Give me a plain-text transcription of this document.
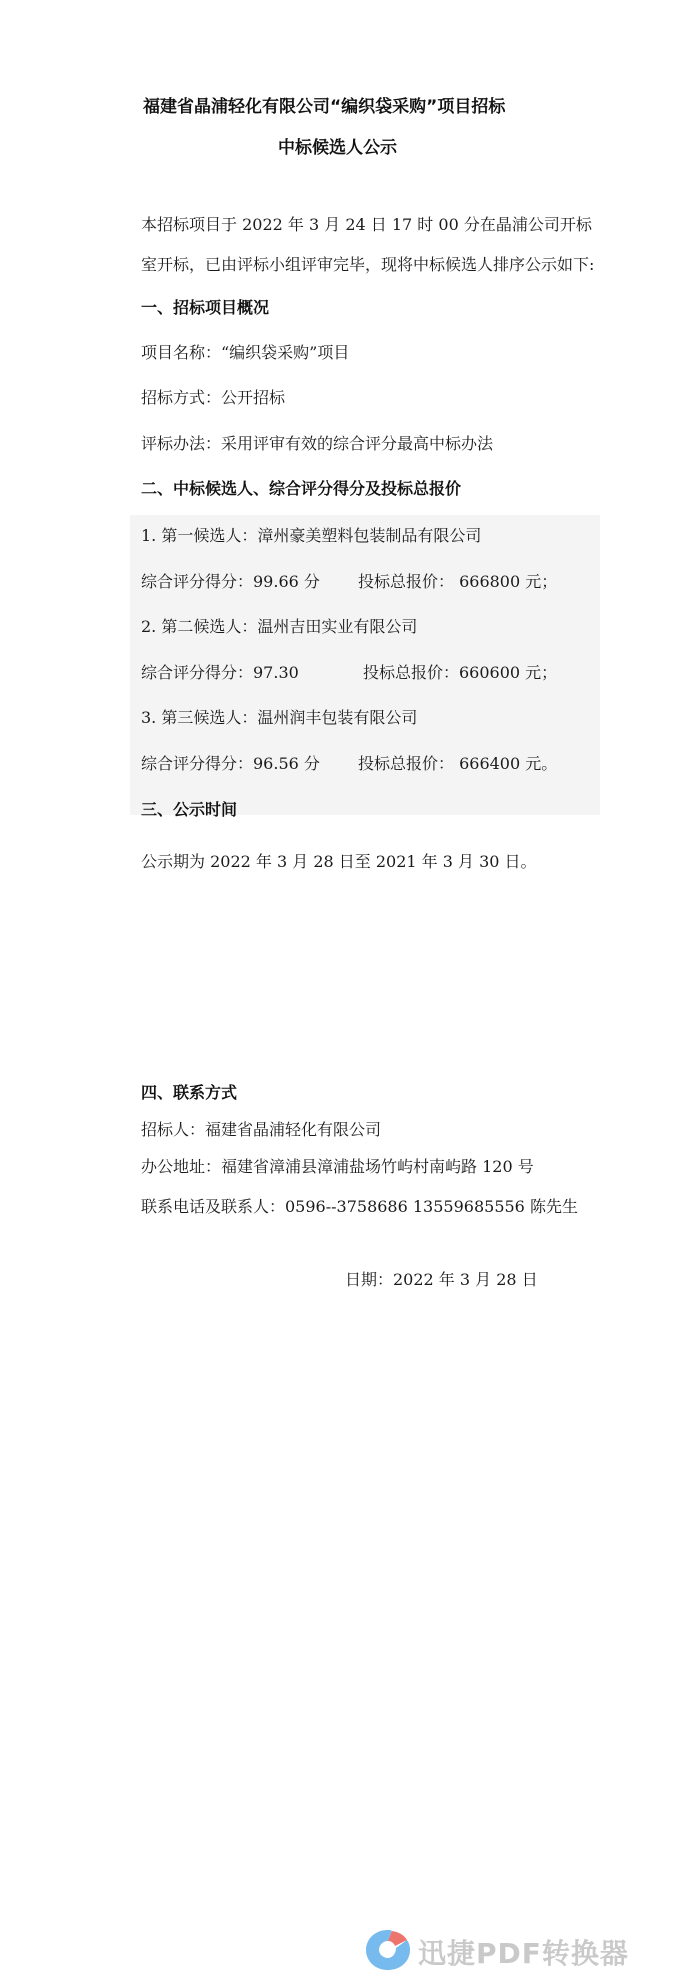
福建省晶浦轻化有限公司“编织袋采购”项目招标
中标候选人公示
本招标项目于 2022 年 3 月 24 日 17 时 00 分在晶浦公司开标
室开标，已由评标小组评审完毕，现将中标候选人排序公示如下:
一、招标项目概况
项目名称：“编织袋采购”项目
招标方式：公开招标
评标办法：采用评审有效的综合评分最高中标办法
二、中标候选人、综合评分得分及投标总报价
1. 第一候选人：漳州豪美塑料包装制品有限公司
综合评分得分：99.66 分 投标总报价： 666800 元；
2. 第二候选人：温州吉田实业有限公司
综合评分得分：97.30	投标总报价：660600 元；
3. 第三候选人：温州润丰包装有限公司
综合评分得分：96.56 分 投标总报价： 666400 元。
三、公示时间
公示期为 2022 年 3 月 28 日至 2021 年 3 月 30 日。
四、联系方式
招标人：福建省晶浦轻化有限公司
办公地址：福建省漳浦县漳浦盐场竹屿村南屿路 120 号
联系电话及联系人：0596--3758686 13559685556 陈先生
日期：2022 年 3 月 28 日
迅捷PDF转换器
